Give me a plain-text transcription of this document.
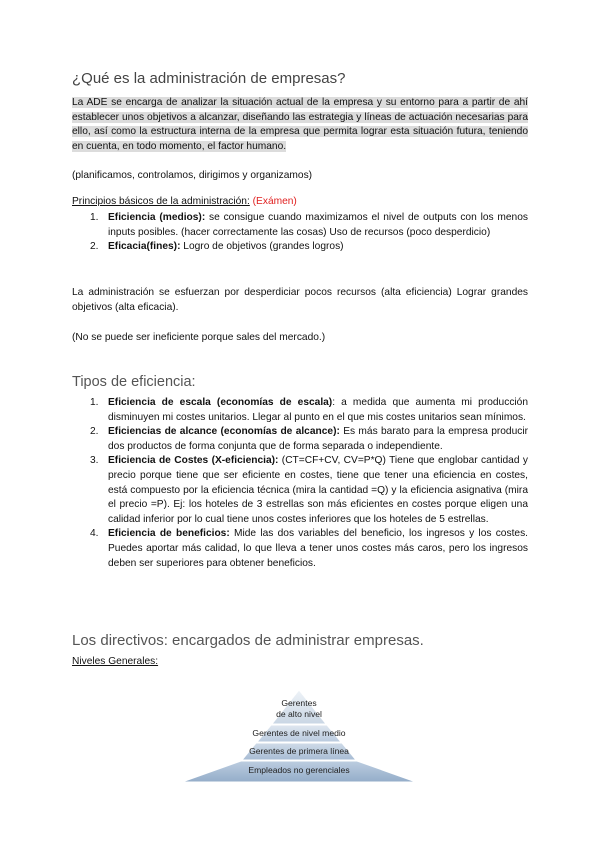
¿Qué es la administración de empresas?
La ADE se encarga de analizar la situación actual de la empresa y su entorno para a partir de ahí establecer unos objetivos a alcanzar, diseñando las estrategia y líneas de actuación necesarias para ello, así como la estructura interna de la empresa que permita lograr esta situación futura, teniendo en cuenta, en todo momento, el factor humano.
(planificamos, controlamos, dirigimos y organizamos)
Principios básicos de la administración: (Exámen)
1. Eficiencia (medios): se consigue cuando maximizamos el nivel de outputs con los menos inputs posibles. (hacer correctamente las cosas) Uso de recursos (poco desperdicio)
2. Eficacia(fines): Logro de objetivos (grandes logros)
La administración se esfuerzan por desperdiciar pocos recursos (alta eficiencia) Lograr grandes objetivos (alta eficacia).
(No se puede ser ineficiente porque sales del mercado.)
Tipos de eficiencia:
1. Eficiencia de escala (economías de escala): a medida que aumenta mi producción disminuyen mi costes unitarios. Llegar al punto en el que mis costes unitarios sean mínimos.
2. Eficiencias de alcance (economías de alcance): Es más barato para la empresa producir dos productos de forma conjunta que de forma separada o independiente.
3. Eficiencia de Costes (X-eficiencia): (CT=CF+CV, CV=P*Q) Tiene que englobar cantidad y precio porque tiene que ser eficiente en costes, tiene que tener una eficiencia en costes, está compuesto por la eficiencia técnica (mira la cantidad =Q) y la eficiencia asignativa (mira el precio =P). Ej: los hoteles de 3 estrellas son más eficientes en costes porque eligen una calidad inferior por lo cual tiene unos costes inferiores que los hoteles de 5 estrellas.
4. Eficiencia de beneficios: Mide las dos variables del beneficio, los ingresos y los costes. Puedes aportar más calidad, lo que lleva a tener unos costes más caros, pero los ingresos deben ser superiores para obtener beneficios.
Los directivos: encargados de administrar empresas.
Niveles Generales:
Gerentes
de alto nivel
Gerentes de nivel medio
Gerentes de primera línea
Empleados no gerenciales
